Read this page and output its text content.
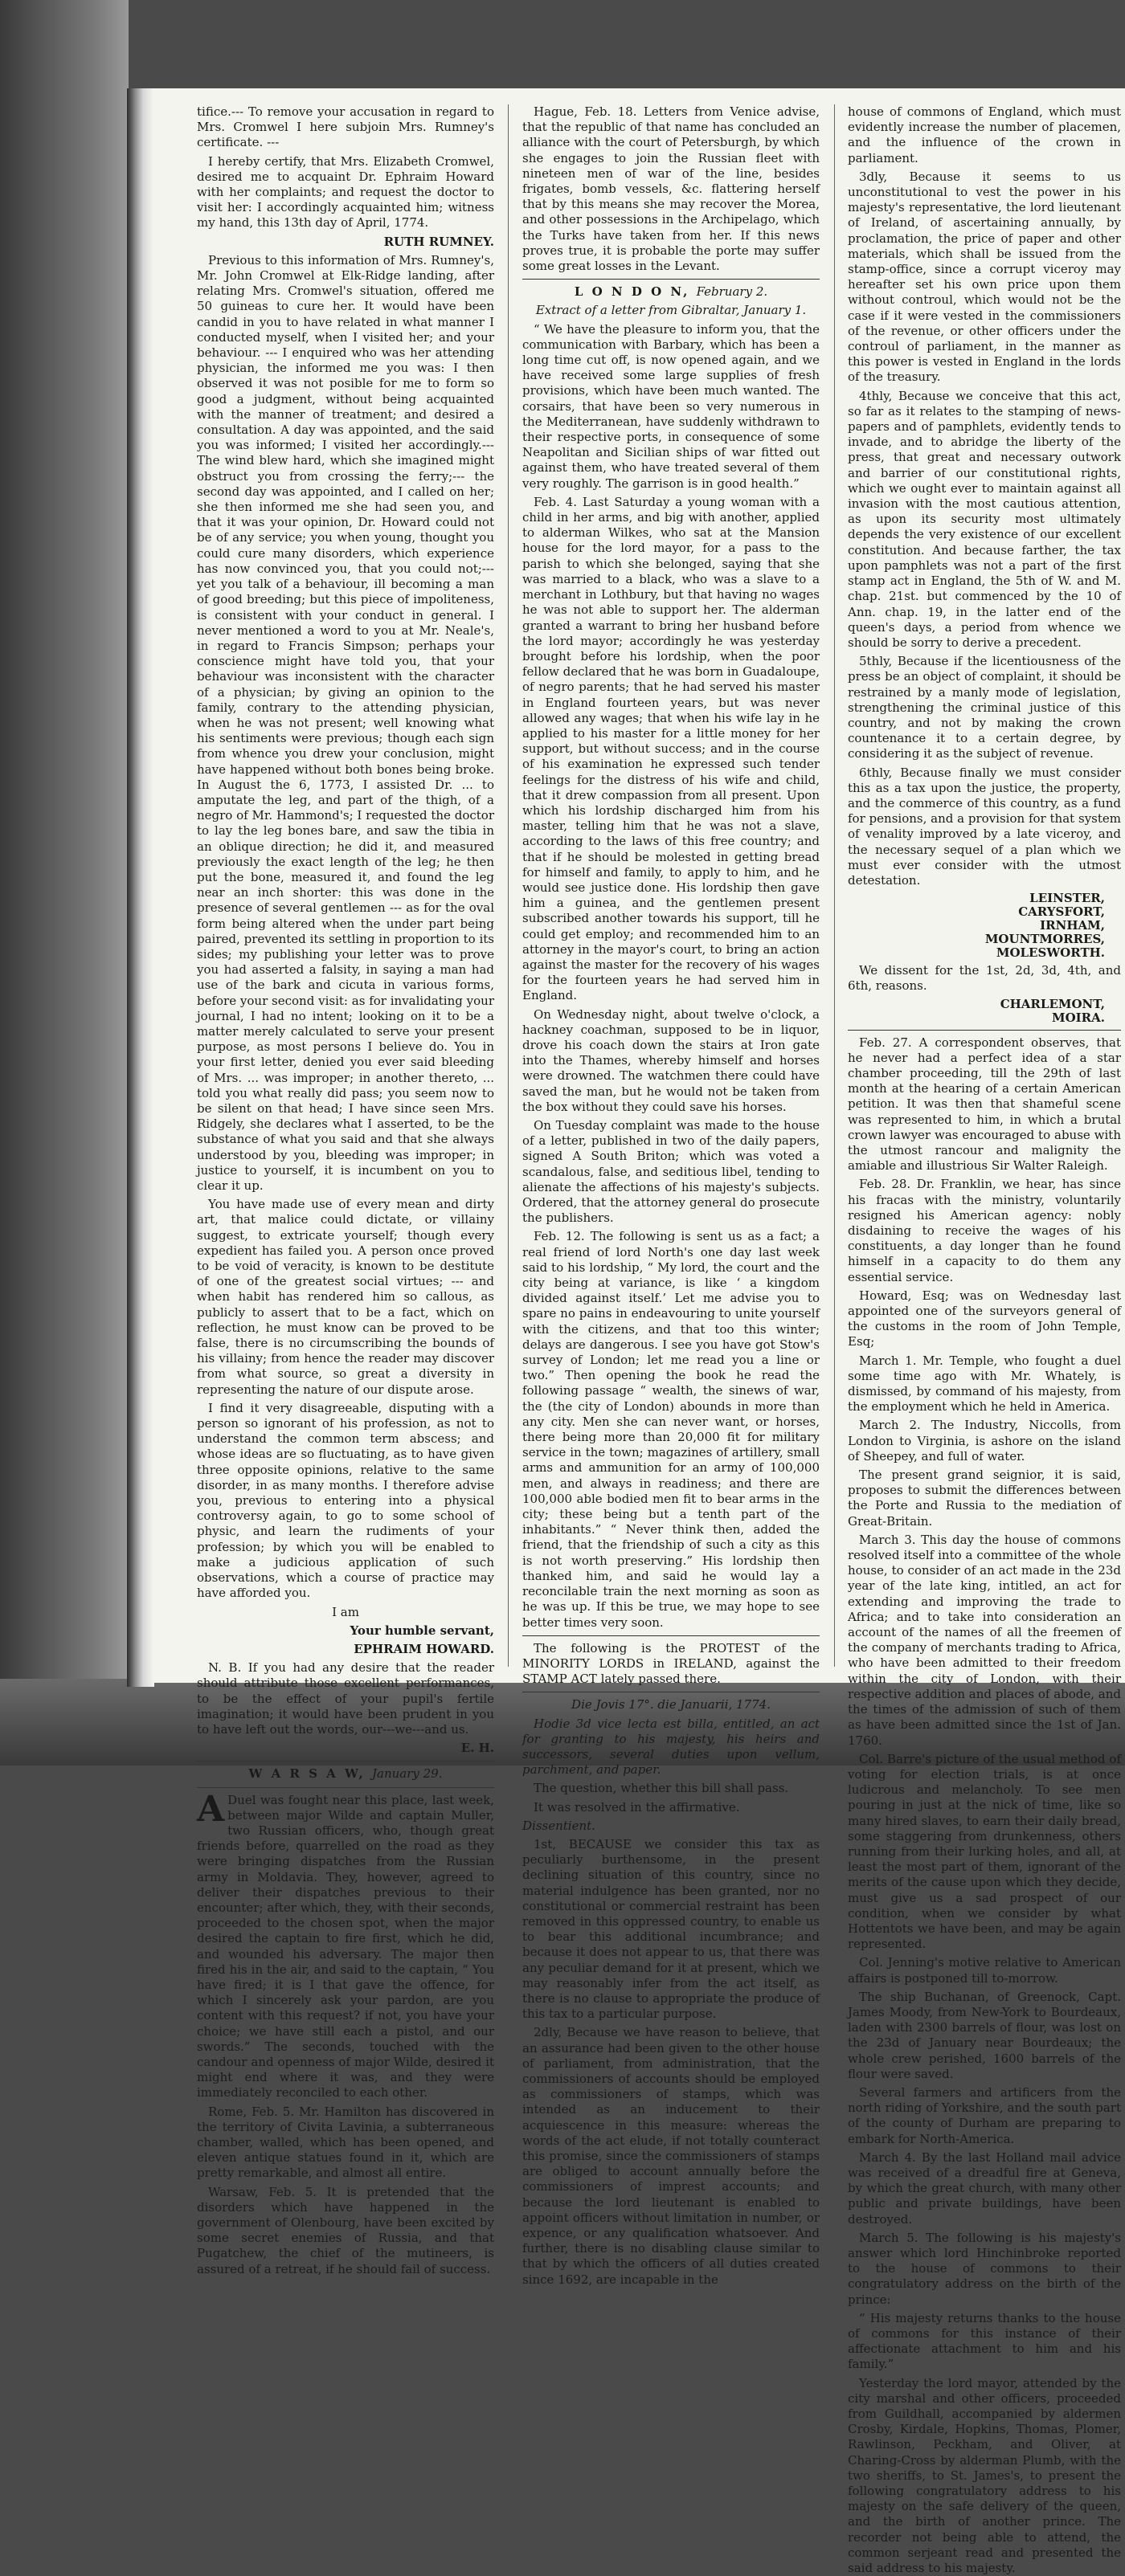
tifice.--- To remove your accusation in regard to Mrs. Cromwel I here subjoin Mrs. Rumney's certificate. ---

I hereby certify, that Mrs. Elizabeth Cromwel, desired me to acquaint Dr. Ephraim Howard with her complaints; and request the doctor to visit her: I accordingly acquainted him; witness my hand, this 13th day of April, 1774.

RUTH RUMNEY.

Previous to this information of Mrs. Rumney's, Mr. John Cromwel at Elk-Ridge landing, after relating Mrs. Cromwel's situation, offered me 50 guineas to cure her. It would have been candid in you to have related in what manner I conducted myself, when I visited her; and your behaviour. --- I enquired who was her attending physician, the informed me you was: I then observed it was not posible for me to form so good a judgment, without being acquainted with the manner of treatment; and desired a consultation. A day was appointed, and the said you was informed; I visited her accordingly.--- The wind blew hard, which she imagined might obstruct you from crossing the ferry;--- the second day was appointed, and I called on her; she then informed me she had seen you, and that it was your opinion, Dr. Howard could not be of any service; you when young, thought you could cure many disorders, which experience has now convinced you, that you could not;--- yet you talk of a behaviour, ill becoming a man of good breeding; but this piece of impoliteness, is consistent with your conduct in general. I never mentioned a word to you at Mr. Neale's, in regard to Francis Simpson; perhaps your conscience might have told you, that your behaviour was inconsistent with the character of a physician; by giving an opinion to the family, contrary to the attending physician, when he was not present; well knowing what his sentiments were previous; though each sign from whence you drew your conclusion, might have happened without both bones being broke. In August the 6, 1773, I assisted Dr. ... to amputate the leg, and part of the thigh, of a negro of Mr. Hammond's; I requested the doctor to lay the leg bones bare, and saw the tibia in an oblique direction; he did it, and measured previously the exact length of the leg; he then put the bone, measured it, and found the leg near an inch shorter: this was done in the presence of several gentlemen --- as for the oval form being altered when the under part being paired, prevented its settling in proportion to its sides; my publishing your letter was to prove you had asserted a falsity, in saying a man had use of the bark and cicuta in various forms, before your second visit: as for invalidating your journal, I had no intent; looking on it to be a matter merely calculated to serve your present purpose, as most persons I believe do. You in your first letter, denied you ever said bleeding of Mrs. ... was improper; in another thereto, ... told you what really did pass; you seem now to be silent on that head; I have since seen Mrs. Ridgely, she declares what I asserted, to be the substance of what you said and that she always understood by you, bleeding was improper; in justice to yourself, it is incumbent on you to clear it up.

You have made use of every mean and dirty art, that malice could dictate, or villainy suggest, to extricate yourself; though every expedient has failed you. A person once proved to be void of veracity, is known to be destitute of one of the greatest social virtues; --- and when habit has rendered him so callous, as publicly to assert that to be a fact, which on reflection, he must know can be proved to be false, there is no circumscribing the bounds of his villainy; from hence the reader may discover from what source, so great a diversity in representing the nature of our dispute arose.

I find it very disagreeable, disputing with a person so ignorant of his profession, as not to understand the common term abscess; and whose ideas are so fluctuating, as to have given three opposite opinions, relative to the same disorder, in as many months. I therefore advise you, previous to entering into a physical controversy again, to go to some school of physic, and learn the rudiments of your profession; by which you will be enabled to make a judicious application of such observations, which a course of practice may have afforded you.

I am

Your humble servant,

EPHRAIM HOWARD.

N. B. If you had any desire that the reader should attribute those excellent performances, to be the effect of your pupil's fertile imagination; it would have been prudent in you to have left out the words, our---we---and us.

E. H.

W A R S A W, January 29.

A Duel was fought near this place, last week, between major Wilde and captain Muller, two Russian officers, who, though great friends before, quarrelled on the road as they were bringing dispatches from the Russian army in Moldavia. They, however, agreed to deliver their dispatches previous to their encounter; after which, they, with their seconds, proceeded to the chosen spot, when the major desired the captain to fire first, which he did, and wounded his adversary. The major then fired his in the air, and said to the captain, “ You have fired; it is I that gave the offence, for which I sincerely ask your pardon, are you content with this request? if not, you have your choice; we have still each a pistol, and our swords.” The seconds, touched with the candour and openness of major Wilde, desired it might end where it was, and they were immediately reconciled to each other.

Rome, Feb. 5. Mr. Hamilton has discovered in the territory of Civita Lavinia, a subterraneous chamber, walled, which has been opened, and eleven antique statues found in it, which are pretty remarkable, and almost all entire.

Warsaw, Feb. 5. It is pretended that the disorders which have happened in the government of Olenbourg, have been excited by some secret enemies of Russia, and that Pugatchew, the chief of the mutineers, is assured of a retreat, if he should fail of success.

Hague, Feb. 18. Letters from Venice advise, that the republic of that name has concluded an alliance with the court of Petersburgh, by which she engages to join the Russian fleet with nineteen men of war of the line, besides frigates, bomb vessels, &c. flattering herself that by this means she may recover the Morea, and other possessions in the Archipelago, which the Turks have taken from her. If this news proves true, it is probable the porte may suffer some great losses in the Levant.

L O N D O N, February 2.

Extract of a letter from Gibraltar, January 1.

“ We have the pleasure to inform you, that the communication with Barbary, which has been a long time cut off, is now opened again, and we have received some large supplies of fresh provisions, which have been much wanted. The corsairs, that have been so very numerous in the Mediterranean, have suddenly withdrawn to their respective ports, in consequence of some Neapolitan and Sicilian ships of war fitted out against them, who have treated several of them very roughly. The garrison is in good health.”

Feb. 4. Last Saturday a young woman with a child in her arms, and big with another, applied to alderman Wilkes, who sat at the Mansion house for the lord mayor, for a pass to the parish to which she belonged, saying that she was married to a black, who was a slave to a merchant in Lothbury, but that having no wages he was not able to support her. The alderman granted a warrant to bring her husband before the lord mayor; accordingly he was yesterday brought before his lordship, when the poor fellow declared that he was born in Guadaloupe, of negro parents; that he had served his master in England fourteen years, but was never allowed any wages; that when his wife lay in he applied to his master for a little money for her support, but without success; and in the course of his examination he expressed such tender feelings for the distress of his wife and child, that it drew compassion from all present. Upon which his lordship discharged him from his master, telling him that he was not a slave, according to the laws of this free country; and that if he should be molested in getting bread for himself and family, to apply to him, and he would see justice done. His lordship then gave him a guinea, and the gentlemen present subscribed another towards his support, till he could get employ; and recommended him to an attorney in the mayor's court, to bring an action against the master for the recovery of his wages for the fourteen years he had served him in England.

On Wednesday night, about twelve o'clock, a hackney coachman, supposed to be in liquor, drove his coach down the stairs at Iron gate into the Thames, whereby himself and horses were drowned. The watchmen there could have saved the man, but he would not be taken from the box without they could save his horses.

On Tuesday complaint was made to the house of a letter, published in two of the daily papers, signed A South Briton; which was voted a scandalous, false, and seditious libel, tending to alienate the affections of his majesty's subjects. Ordered, that the attorney general do prosecute the publishers.

Feb. 12. The following is sent us as a fact; a real friend of lord North's one day last week said to his lordship, “ My lord, the court and the city being at variance, is like ‘ a kingdom divided against itself.’ Let me advise you to spare no pains in endeavouring to unite yourself with the citizens, and that too this winter; delays are dangerous. I see you have got Stow's survey of London; let me read you a line or two.” Then opening the book he read the following passage “ wealth, the sinews of war, the (the city of London) abounds in more than any city. Men she can never want, or horses, there being more than 20,000 fit for military service in the town; magazines of artillery, small arms and ammunition for an army of 100,000 men, and always in readiness; and there are 100,000 able bodied men fit to bear arms in the city; these being but a tenth part of the inhabitants.” “ Never think then, added the friend, that the friendship of such a city as this is not worth preserving.” His lordship then thanked him, and said he would lay a reconcilable train the next morning as soon as he was up. If this be true, we may hope to see better times very soon.

The following is the PROTEST of the MINORITY LORDS in IRELAND, against the STAMP ACT lately passed there.

Die Jovis 17°. die Januarii, 1774.

Hodie 3d vice lecta est billa, entitled, an act for granting to his majesty, his heirs and successors, several duties upon vellum, parchment, and paper.

The question, whether this bill shall pass.

It was resolved in the affirmative.

Dissentient.

1st, BECAUSE we consider this tax as peculiarly burthensome, in the present declining situation of this country, since no material indulgence has been granted, nor no constitutional or commercial restraint has been removed in this oppressed country, to enable us to bear this additional incumbrance; and because it does not appear to us, that there was any peculiar demand for it at present, which we may reasonably infer from the act itself, as there is no clause to appropriate the produce of this tax to a particular purpose.

2dly, Because we have reason to believe, that an assurance had been given to the other house of parliament, from administration, that the commissioners of accounts should be employed as commissioners of stamps, which was intended as an inducement to their acquiescence in this measure: whereas the words of the act elude, if not totally counteract this promise, since the commissioners of stamps are obliged to account annually before the commissioners of imprest accounts; and because the lord lieutenant is enabled to appoint officers without limitation in number, or expence, or any qualification whatsoever. And further, there is no disabling clause similar to that by which the officers of all duties created since 1692, are incapable in the

house of commons of England, which must evidently increase the number of placemen, and the influence of the crown in parliament.

3dly, Because it seems to us unconstitutional to vest the power in his majesty's representative, the lord lieutenant of Ireland, of ascertaining annually, by proclamation, the price of paper and other materials, which shall be issued from the stamp-office, since a corrupt viceroy may hereafter set his own price upon them without controul, which would not be the case if it were vested in the commissioners of the revenue, or other officers under the controul of parliament, in the manner as this power is vested in England in the lords of the treasury.

4thly, Because we conceive that this act, so far as it relates to the stamping of news-papers and of pamphlets, evidently tends to invade, and to abridge the liberty of the press, that great and necessary outwork and barrier of our constitutional rights, which we ought ever to maintain against all invasion with the most cautious attention, as upon its security most ultimately depends the very existence of our excellent constitution. And because farther, the tax upon pamphlets was not a part of the first stamp act in England, the 5th of W. and M. chap. 21st. but commenced by the 10 of Ann. chap. 19, in the latter end of the queen's days, a period from whence we should be sorry to derive a precedent.

5thly, Because if the licentiousness of the press be an object of complaint, it should be restrained by a manly mode of legislation, strengthening the criminal justice of this country, and not by making the crown countenance it to a certain degree, by considering it as the subject of revenue.

6thly, Because finally we must consider this as a tax upon the justice, the property, and the commerce of this country, as a fund for pensions, and a provision for that system of venality improved by a late viceroy, and the necessary sequel of a plan which we must ever consider with the utmost detestation.

LEINSTER,
CARYSFORT,
IRNHAM,
MOUNTMORRES,
MOLESWORTH.

We dissent for the 1st, 2d, 3d, 4th, and 6th, reasons.

CHARLEMONT,
MOIRA.

Feb. 27. A correspondent observes, that he never had a perfect idea of a star chamber proceeding, till the 29th of last month at the hearing of a certain American petition. It was then that shameful scene was represented to him, in which a brutal crown lawyer was encouraged to abuse with the utmost rancour and malignity the amiable and illustrious Sir Walter Raleigh.

Feb. 28. Dr. Franklin, we hear, has since his fracas with the ministry, voluntarily resigned his American agency: nobly disdaining to receive the wages of his constituents, a day longer than he found himself in a capacity to do them any essential service.

Howard, Esq; was on Wednesday last appointed one of the surveyors general of the customs in the room of John Temple, Esq;

March 1. Mr. Temple, who fought a duel some time ago with Mr. Whately, is dismissed, by command of his majesty, from the employment which he held in America.

March 2. The Industry, Niccolls, from London to Virginia, is ashore on the island of Sheepey, and full of water.

The present grand seignior, it is said, proposes to submit the differences between the Porte and Russia to the mediation of Great-Britain.

March 3. This day the house of commons resolved itself into a committee of the whole house, to consider of an act made in the 23d year of the late king, intitled, an act for extending and improving the trade to Africa; and to take into consideration an account of the names of all the freemen of the company of merchants trading to Africa, who have been admitted to their freedom within the city of London, with their respective addition and places of abode, and the times of the admission of such of them as have been admitted since the 1st of Jan. 1760.

Col. Barre's picture of the usual method of voting for election trials, is at once ludicrous and melancholy. To see men pouring in just at the nick of time, like so many hired slaves, to earn their daily bread, some staggering from drunkenness, others running from their lurking holes, and all, at least the most part of them, ignorant of the merits of the cause upon which they decide, must give us a sad prospect of our condition, when we consider by what Hottentots we have been, and may be again represented.

Col. Jenning's motive relative to American affairs is postponed till to-morrow.

The ship Buchanan, of Greenock, Capt. James Moody, from New-York to Bourdeaux, laden with 2300 barrels of flour, was lost on the 23d of January near Bourdeaux; the whole crew perished, 1600 barrels of the flour were saved.

Several farmers and artificers from the north riding of Yorkshire, and the south part of the county of Durham are preparing to embark for North-America.

March 4. By the last Holland mail advice was received of a dreadful fire at Geneva, by which the great church, with many other public and private buildings, have been destroyed.

March 5. The following is his majesty's answer which lord Hinchinbroke reported to the house of commons to their congratulatory address on the birth of the prince:

“ His majesty returns thanks to the house of commons for this instance of their affectionate attachment to him and his family.”

Yesterday the lord mayor, attended by the city marshal and other officers, proceeded from Guildhall, accompanied by aldermen Crosby, Kirdale, Hopkins, Thomas, Plomer, Rawlinson, Peckham, and Oliver, at Charing-Cross by alderman Plumb, with the two sheriffs, to St. James's, to present the following congratulatory address to his majesty on the safe delivery of the queen, and the birth of another prince. The recorder not being able to attend, the common serjeant read and presented the said address to his majesty.
